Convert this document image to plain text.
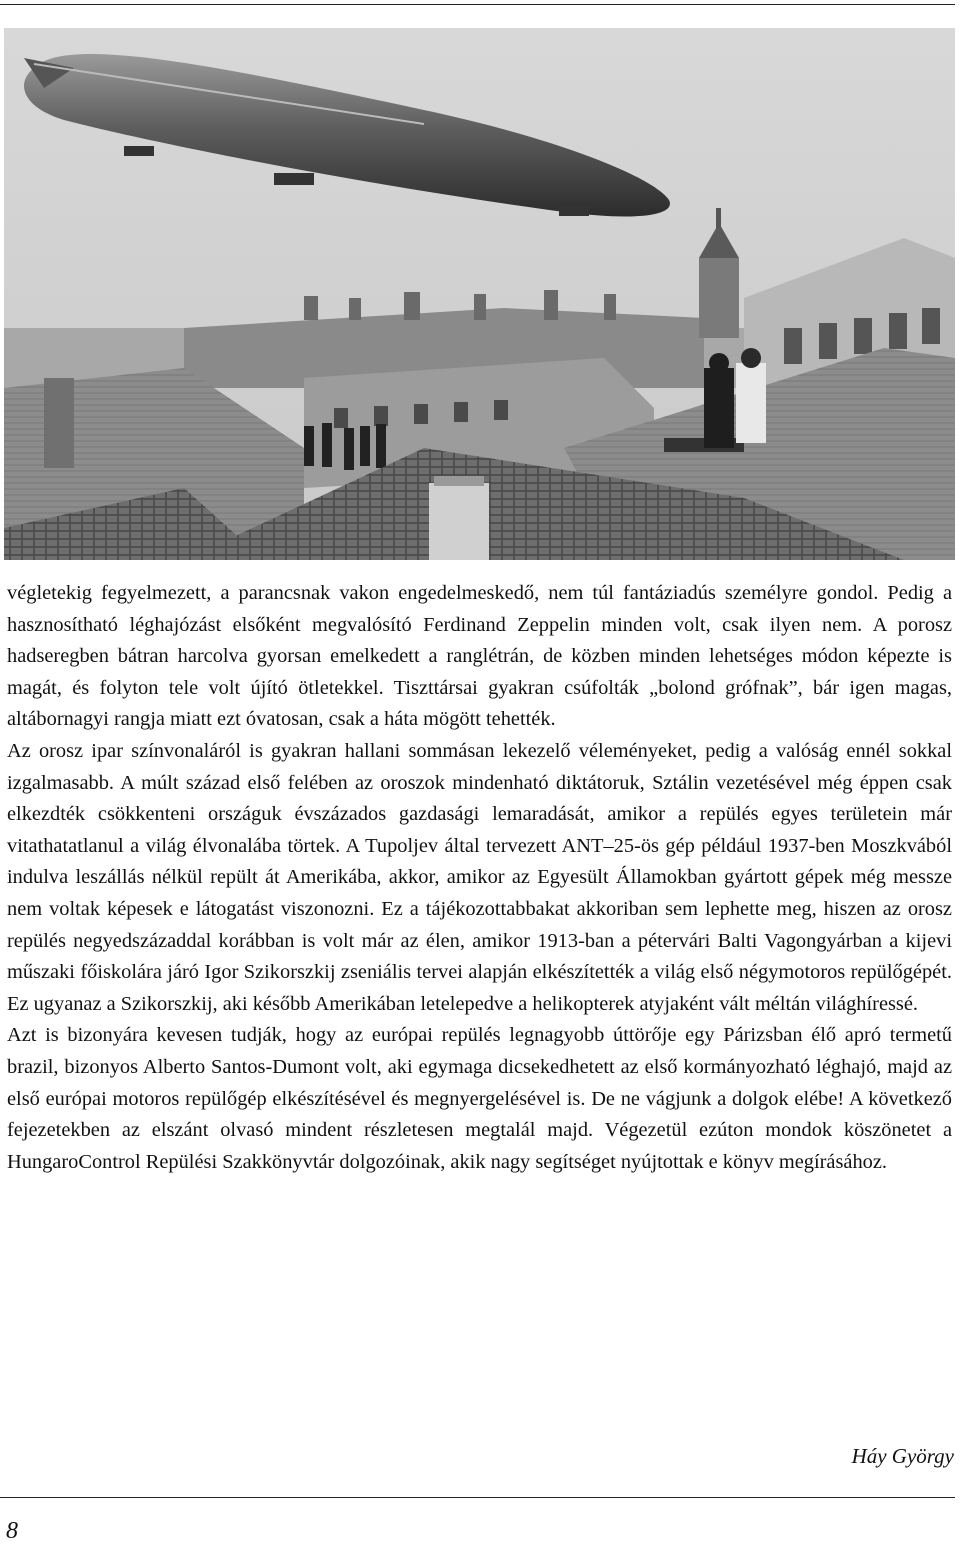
végletekig fegyelmezett, a parancsnak vakon engedelmeskedő, nem túl fantáziadús személyre gondol. Pedig a hasznosítható léghajózást elsőként megvalósító Ferdinand Zeppelin minden volt, csak ilyen nem. A porosz hadseregben bátran harcolva gyorsan emelkedett a ranglétrán, de közben minden lehetséges módon képezte is magát, és folyton tele volt újító ötletekkel. Tiszttársai gyakran csúfolták „bolond grófnak”, bár igen magas, altábornagyi rangja miatt ezt óvatosan, csak a háta mögött tehették.

Az orosz ipar színvonaláról is gyakran hallani sommásan lekezelő véleményeket, pedig a valóság ennél sokkal izgalmasabb. A múlt század első felében az oroszok mindenható diktátoruk, Sztálin vezetésével még éppen csak elkezdték csökkenteni országuk évszázados gazdasági lemaradását, amikor a repülés egyes területein már vitathatatlanul a világ élvonalába törtek. A Tupoljev által tervezett ANT–25-ös gép például 1937-ben Moszkvából indulva leszállás nélkül repült át Amerikába, akkor, amikor az Egyesült Államokban gyártott gépek még messze nem voltak képesek e látogatást viszonozni. Ez a tájékozottabbakat akkoriban sem lephette meg, hiszen az orosz repülés negyedszázaddal korábban is volt már az élen, amikor 1913-ban a pétervári Balti Vagongyárban a kijevi műszaki főiskolára járó Igor Szikorszkij zseniális tervei alapján elkészítették a világ első négymotoros repülőgépét. Ez ugyanaz a Szikorszkij, aki később Amerikában letelepedve a helikopterek atyjaként vált méltán világhíressé.

Azt is bizonyára kevesen tudják, hogy az európai repülés legnagyobb úttörője egy Párizsban élő apró termetű brazil, bizonyos Alberto Santos-Dumont volt, aki egymaga dicsekedhetett az első kormányozható léghajó, majd az első európai motoros repülőgép elkészítésével és megnyergelésével is. De ne vágjunk a dolgok elébe! A következő fejezetekben az elszánt olvasó mindent részletesen megtalál majd. Végezetül ezúton mondok köszönetet a HungaroControl Repülési Szakkönyvtár dolgozóinak, akik nagy segítséget nyújtottak e könyv megírásához.

Háy György
8
